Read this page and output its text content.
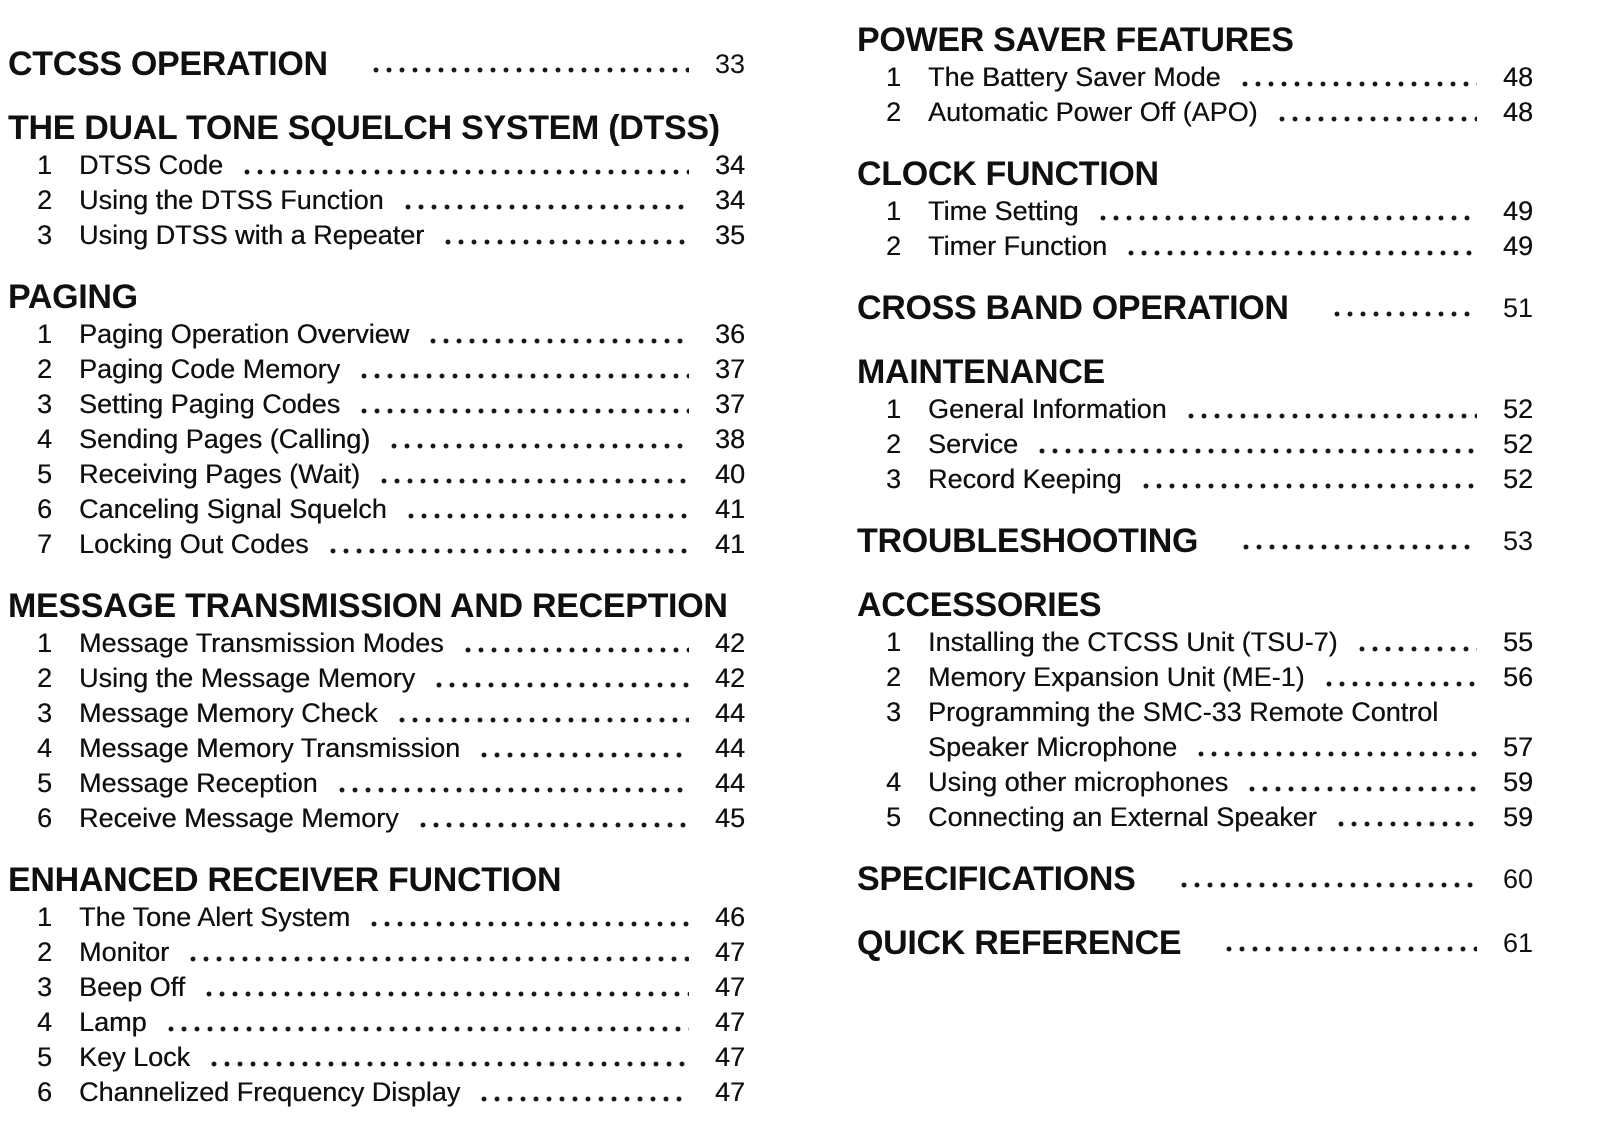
CTCSS OPERATION	33
THE DUAL TONE SQUELCH SYSTEM (DTSS)
1 DTSS Code	34
2 Using the DTSS Function	34
3 Using DTSS with a Repeater	35
PAGING
1 Paging Operation Overview	36
2 Paging Code Memory	37
3 Setting Paging Codes	37
4 Sending Pages (Calling)	38
5 Receiving Pages (Wait)	40
6 Canceling Signal Squelch	41
7 Locking Out Codes	41
MESSAGE TRANSMISSION AND RECEPTION
1 Message Transmission Modes	42
2 Using the Message Memory	42
3 Message Memory Check	44
4 Message Memory Transmission	44
5 Message Reception	44
6 Receive Message Memory	45
ENHANCED RECEIVER FUNCTION
1 The Tone Alert System	46
2 Monitor	47
3 Beep Off	47
4 Lamp	47
5 Key Lock	47
6 Channelized Frequency Display	47
POWER SAVER FEATURES
1 The Battery Saver Mode	48
2 Automatic Power Off (APO)	48
CLOCK FUNCTION
1 Time Setting	49
2 Timer Function	49
CROSS BAND OPERATION	51
MAINTENANCE
1 General Information	52
2 Service	52
3 Record Keeping	52
TROUBLESHOOTING	53
ACCESSORIES
1 Installing the CTCSS Unit (TSU-7)	55
2 Memory Expansion Unit (ME-1)	56
3 Programming the SMC-33 Remote Control
Speaker Microphone	57
4 Using other microphones	59
5 Connecting an External Speaker	59
SPECIFICATIONS	60
QUICK REFERENCE	61
